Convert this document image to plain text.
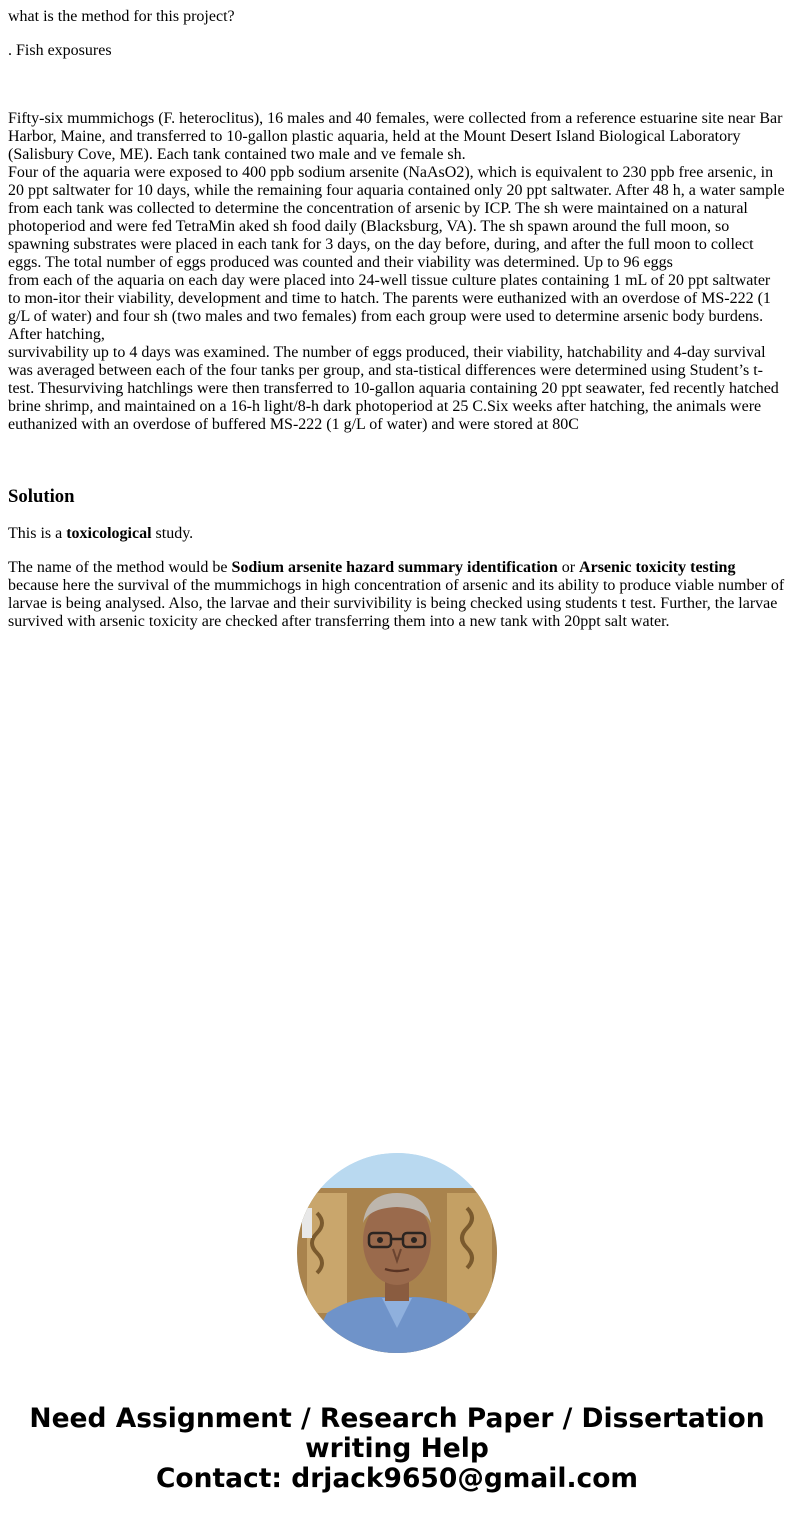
what is the method for this project?

. Fish exposures

Fifty-six mummichogs (F. heteroclitus), 16 males and 40 females, were collected from a reference estuarine site near Bar Harbor, Maine, and transferred to 10-gallon plastic aquaria, held at the Mount Desert Island Biological Laboratory (Salisbury Cove, ME). Each tank contained two male and ve female sh.
Four of the aquaria were exposed to 400 ppb sodium arsenite (NaAsO2), which is equivalent to 230 ppb free arsenic, in 20 ppt saltwater for 10 days, while the remaining four aquaria contained only 20 ppt saltwater. After 48 h, a water sample from each tank was collected to determine the concentration of arsenic by ICP. The sh were maintained on a natural photoperiod and were fed TetraMin aked sh food daily (Blacksburg, VA). The sh spawn around the full moon, so spawning substrates were placed in each tank for 3 days, on the day before, during, and after the full moon to collect eggs. The total number of eggs produced was counted and their viability was determined. Up to 96 eggs
from each of the aquaria on each day were placed into 24-well tissue culture plates containing 1 mL of 20 ppt saltwater to mon-itor their viability, development and time to hatch. The parents were euthanized with an overdose of MS-222 (1 g/L of water) and four sh (two males and two females) from each group were used to determine arsenic body burdens. After hatching,
survivability up to 4 days was examined. The number of eggs produced, their viability, hatchability and 4-day survival was averaged between each of the four tanks per group, and sta-tistical differences were determined using Student’s t-test. Thesurviving hatchlings were then transferred to 10-gallon aquaria containing 20 ppt seawater, fed recently hatched brine shrimp, and maintained on a 16-h light/8-h dark photoperiod at 25 C.Six weeks after hatching, the animals were euthanized with an overdose of buffered MS-222 (1 g/L of water) and were stored at 80C

Solution

This is a toxicological study.

The name of the method would be Sodium arsenite hazard summary identification or Arsenic toxicity testing because here the survival of the mummichogs in high concentration of arsenic and its ability to produce viable number of larvae is being analysed. Also, the larvae and their survivibility is being checked using students t test. Further, the larvae survived with arsenic toxicity are checked after transferring them into a new tank with 20ppt salt water.

Need Assignment / Research Paper / Dissertation
writing Help
Contact: drjack9650@gmail.com
